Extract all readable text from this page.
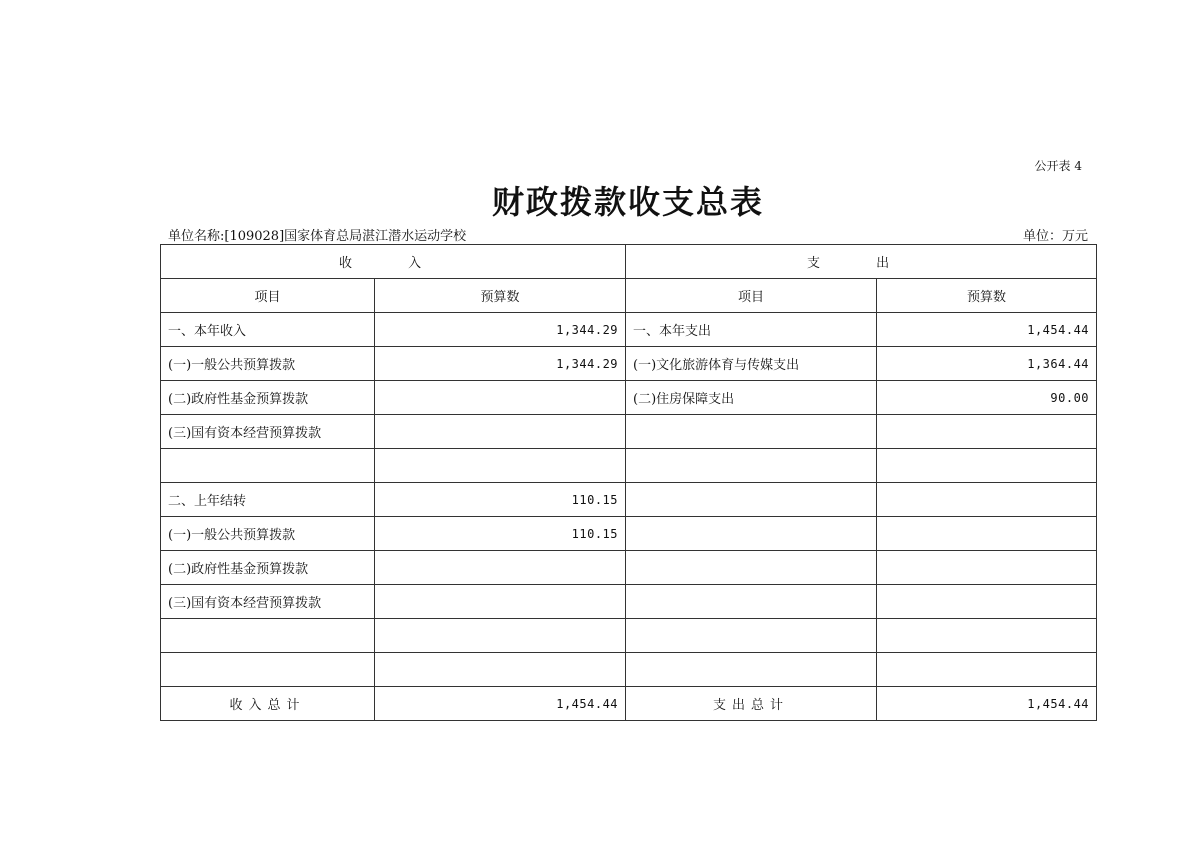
公开表 4
财政拨款收支总表
单位名称:[109028]国家体育总局湛江潜水运动学校	单位：万元
收 入		支 出	
项目	预算数	项目	预算数
一、本年收入	1,344.29	一、本年支出	1,454.44
(一)一般公共预算拨款	1,344.29	(一)文化旅游体育与传媒支出	1,364.44
(二)政府性基金预算拨款		(二)住房保障支出	90.00
(三)国有资本经营预算拨款			

二、上年结转	110.15		
(一)一般公共预算拨款	110.15		
(二)政府性基金预算拨款			
(三)国有资本经营预算拨款			

收入总计	1,454.44	支出总计	1,454.44
